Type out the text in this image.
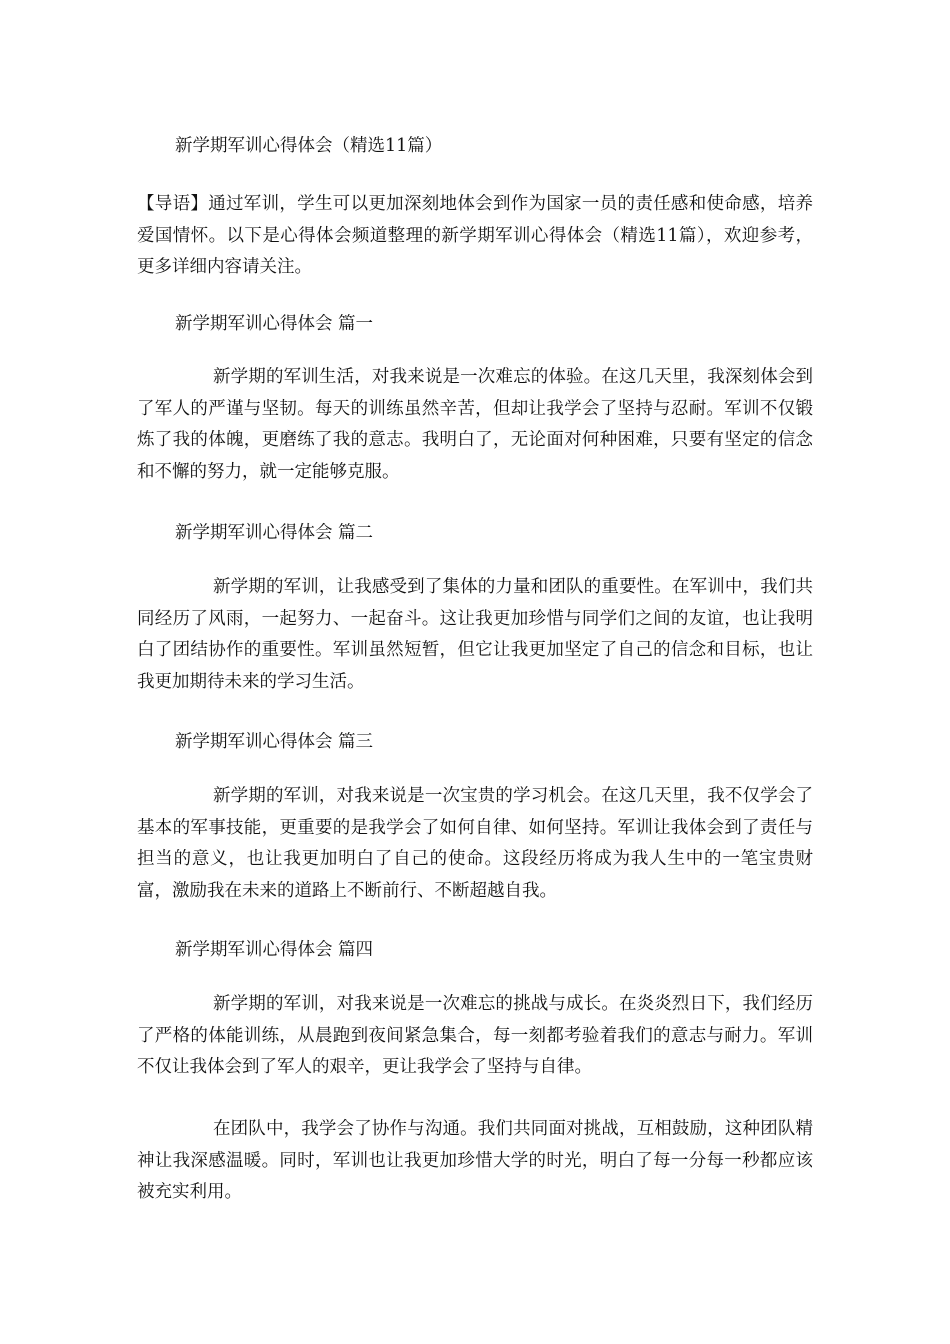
新学期军训心得体会（精选11篇）

【导语】通过军训，学生可以更加深刻地体会到作为国家一员的责任感和使命感，培养爱国情怀。以下是心得体会频道整理的新学期军训心得体会（精选11篇），欢迎参考，更多详细内容请关注。

新学期军训心得体会 篇一

新学期的军训生活，对我来说是一次难忘的体验。在这几天里，我深刻体会到了军人的严谨与坚韧。每天的训练虽然辛苦，但却让我学会了坚持与忍耐。军训不仅锻炼了我的体魄，更磨练了我的意志。我明白了，无论面对何种困难，只要有坚定的信念和不懈的努力，就一定能够克服。

新学期军训心得体会 篇二

新学期的军训，让我感受到了集体的力量和团队的重要性。在军训中，我们共同经历了风雨，一起努力、一起奋斗。这让我更加珍惜与同学们之间的友谊，也让我明白了团结协作的重要性。军训虽然短暂，但它让我更加坚定了自己的信念和目标，也让我更加期待未来的学习生活。

新学期军训心得体会 篇三

新学期的军训，对我来说是一次宝贵的学习机会。在这几天里，我不仅学会了基本的军事技能，更重要的是我学会了如何自律、如何坚持。军训让我体会到了责任与担当的意义，也让我更加明白了自己的使命。这段经历将成为我人生中的一笔宝贵财富，激励我在未来的道路上不断前行、不断超越自我。

新学期军训心得体会 篇四

新学期的军训，对我来说是一次难忘的挑战与成长。在炎炎烈日下，我们经历了严格的体能训练，从晨跑到夜间紧急集合，每一刻都考验着我们的意志与耐力。军训不仅让我体会到了军人的艰辛，更让我学会了坚持与自律。

在团队中，我学会了协作与沟通。我们共同面对挑战，互相鼓励，这种团队精神让我深感温暖。同时，军训也让我更加珍惜大学的时光，明白了每一分每一秒都应该被充实利用。
